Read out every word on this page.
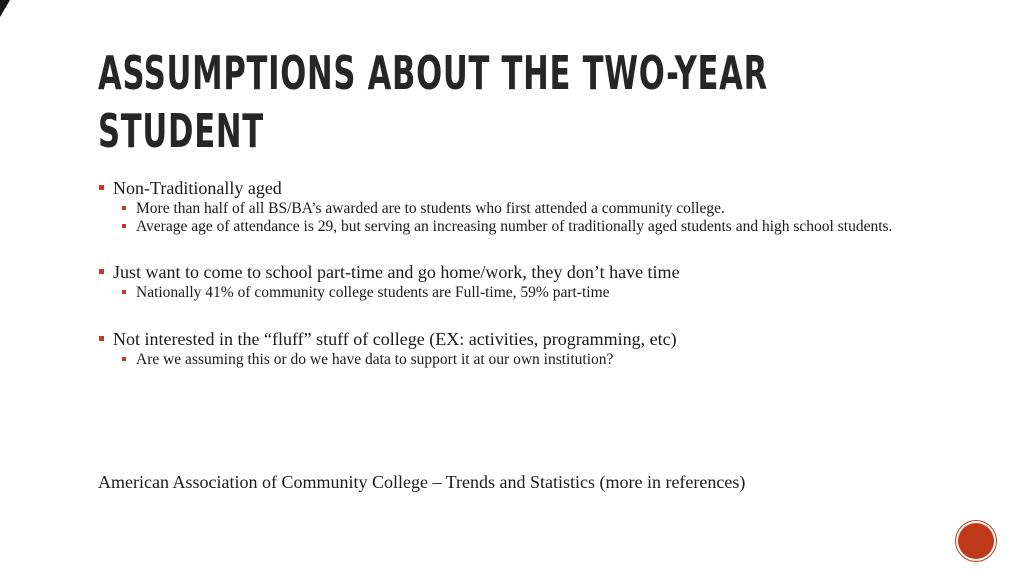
ASSUMPTIONS ABOUT THE TWO-YEAR
STUDENT
Non-Traditionally aged
More than half of all BS/BA’s awarded are to students who first attended a community college.
Average age of attendance is 29, but serving an increasing number of traditionally aged students and high school students.
Just want to come to school part-time and go home/work, they don’t have time
Nationally 41% of community college students are Full-time, 59% part-time
Not interested in the “fluff” stuff of college (EX: activities, programming, etc)
Are we assuming this or do we have data to support it at our own institution?
American Association of Community College – Trends and Statistics (more in references)
